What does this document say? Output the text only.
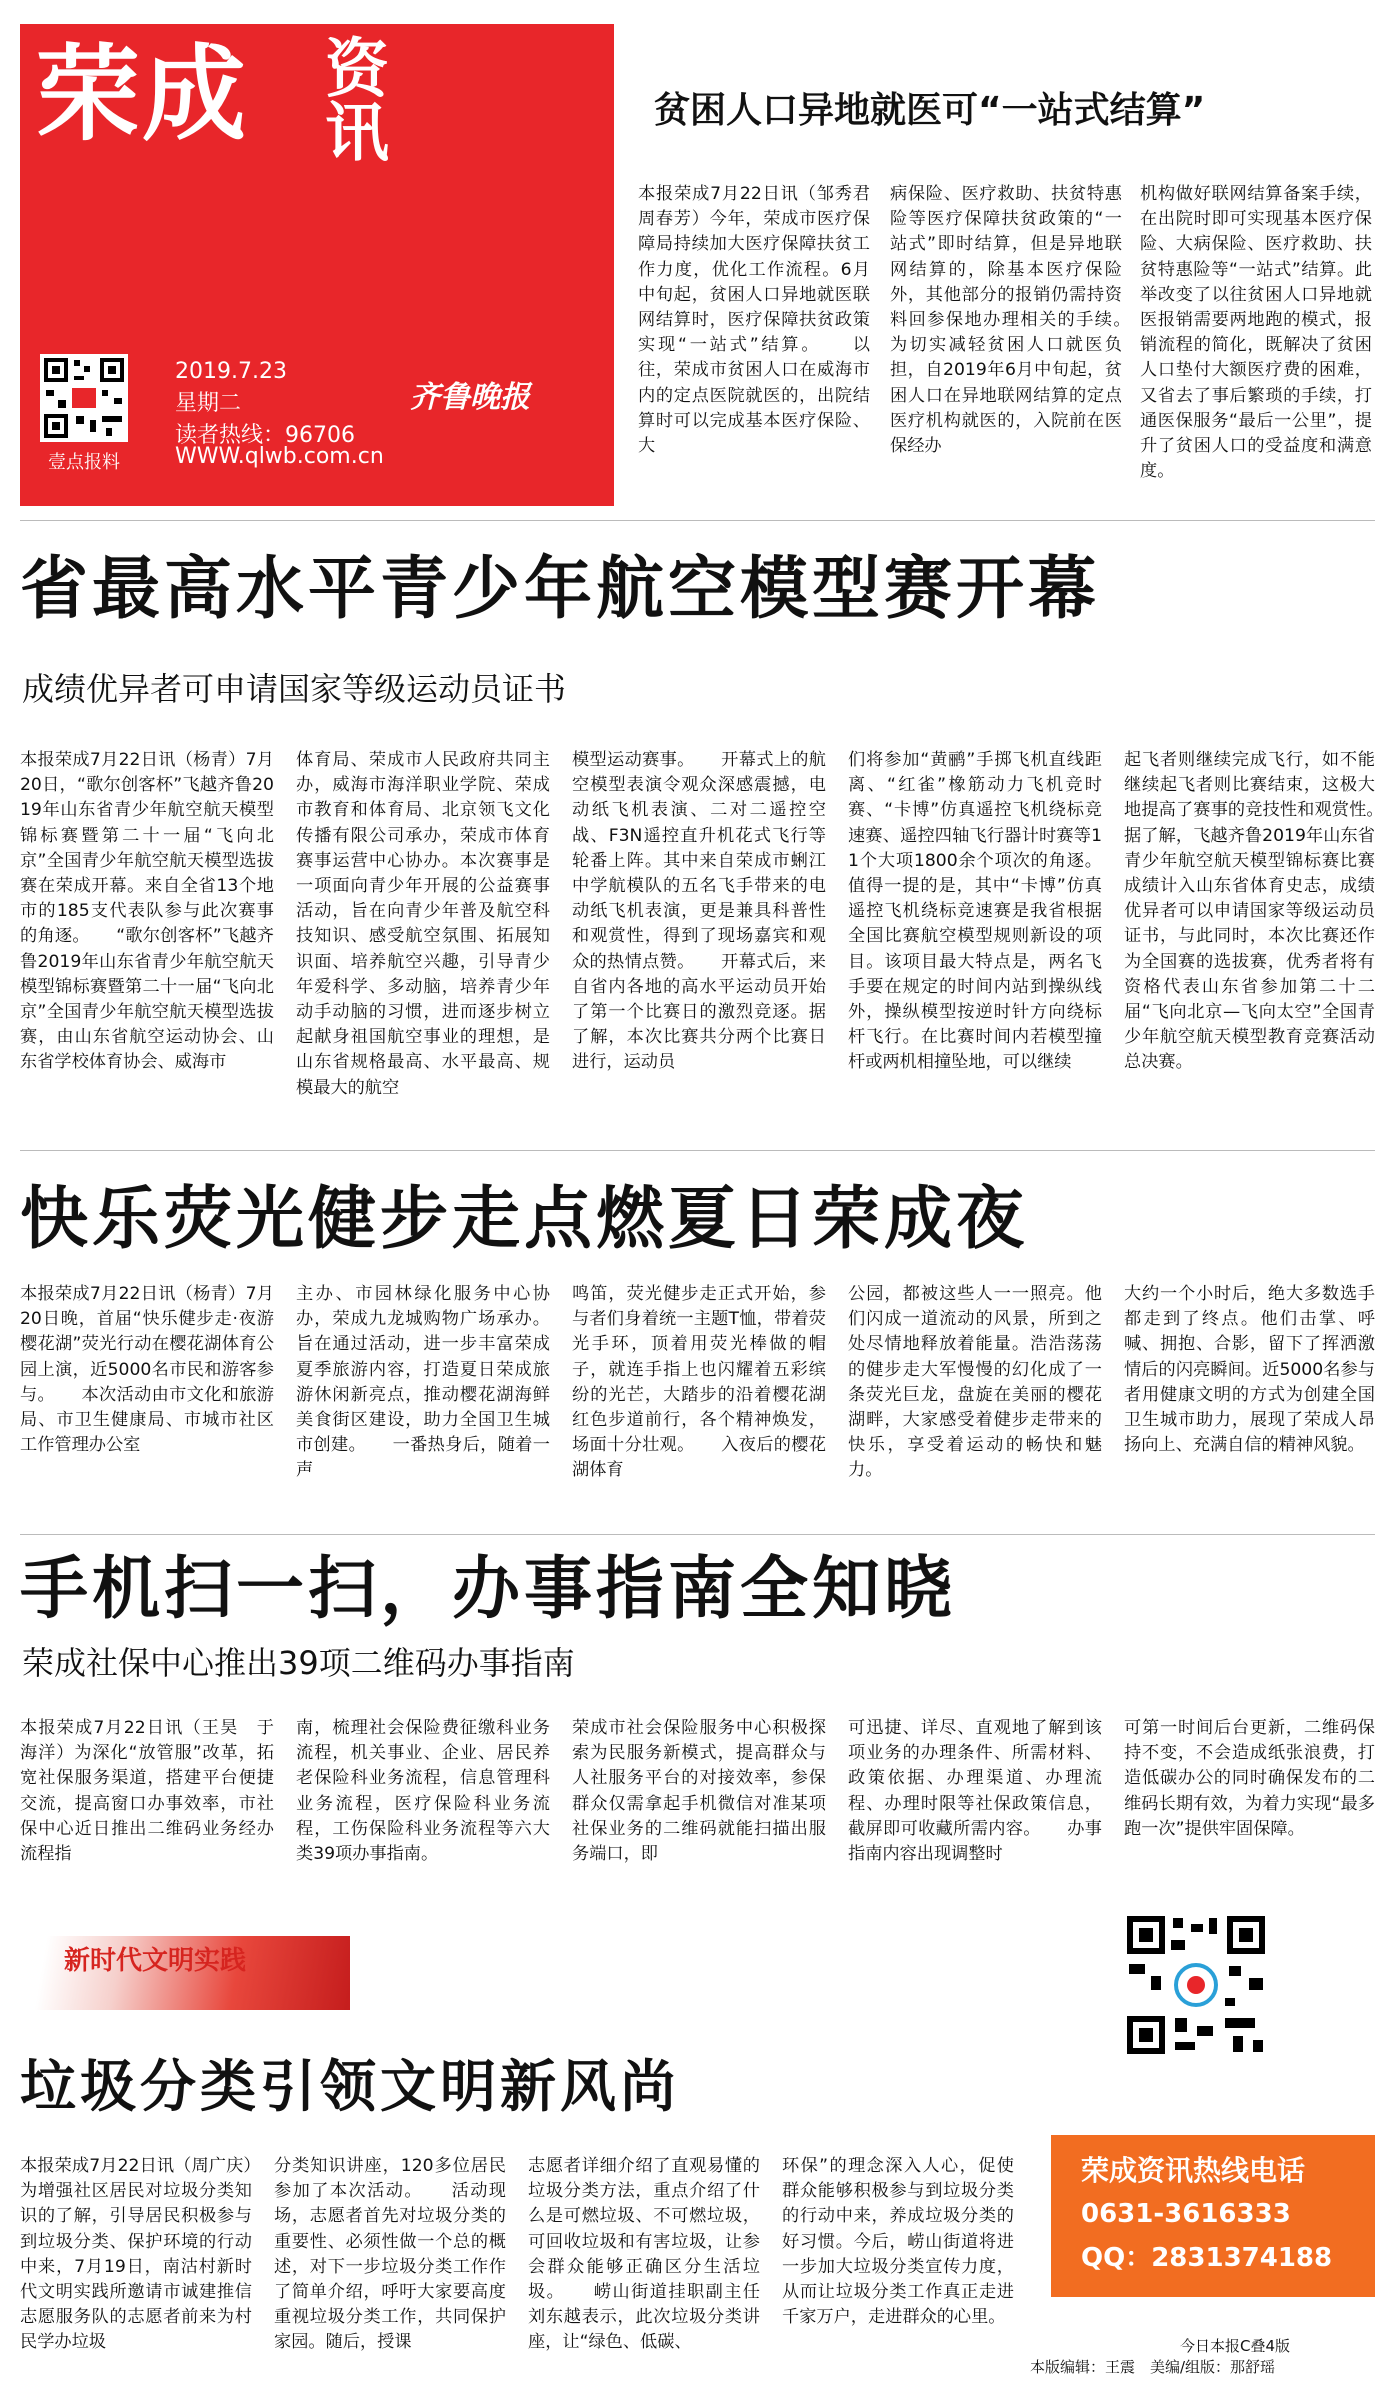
荣成 资讯
壹点报料
2019.7.23
星期二
读者热线：96706
齐鲁晚报
WWW.qlwb.com.cn
贫困人口异地就医可“一站式结算”
本报荣成7月22日讯（邹秀君　周春芳）今年，荣成市医疗保障局持续加大医疗保障扶贫工作力度，优化工作流程。6月中旬起，贫困人口异地就医联网结算时，医疗保障扶贫政策实现“一站式”结算。　　以往，荣成市贫困人口在威海市内的定点医院就医的，出院结算时可以完成基本医疗保险、大
病保险、医疗救助、扶贫特惠险等医疗保障扶贫政策的“一站式”即时结算，但是异地联网结算的，除基本医疗保险外，其他部分的报销仍需持资料回参保地办理相关的手续。　　为切实减轻贫困人口就医负担，自2019年6月中旬起，贫困人口在异地联网结算的定点医疗机构就医的，入院前在医保经办
机构做好联网结算备案手续，在出院时即可实现基本医疗保险、大病保险、医疗救助、扶贫特惠险等“一站式”结算。此举改变了以往贫困人口异地就医报销需要两地跑的模式，报销流程的简化，既解决了贫困人口垫付大额医疗费的困难，又省去了事后繁琐的手续，打通医保服务“最后一公里”，提升了贫困人口的受益度和满意度。
省最高水平青少年航空模型赛开幕
成绩优异者可申请国家等级运动员证书
本报荣成7月22日讯（杨青）7月20日，“歌尔创客杯”飞越齐鲁2019年山东省青少年航空航天模型锦标赛暨第二十一届“飞向北京”全国青少年航空航天模型选拔赛在荣成开幕。来自全省13个地市的185支代表队参与此次赛事的角逐。　　“歌尔创客杯”飞越齐鲁2019年山东省青少年航空航天模型锦标赛暨第二十一届“飞向北京”全国青少年航空航天模型选拔赛，由山东省航空运动协会、山东省学校体育协会、威海市
体育局、荣成市人民政府共同主办，威海市海洋职业学院、荣成市教育和体育局、北京领飞文化传播有限公司承办，荣成市体育赛事运营中心协办。本次赛事是一项面向青少年开展的公益赛事活动，旨在向青少年普及航空科技知识、感受航空氛围、拓展知识面、培养航空兴趣，引导青少年爱科学、多动脑，培养青少年动手动脑的习惯，进而逐步树立起献身祖国航空事业的理想，是山东省规格最高、水平最高、规模最大的航空
模型运动赛事。　　开幕式上的航空模型表演令观众深感震撼，电动纸飞机表演、二对二遥控空战、F3N遥控直升机花式飞行等轮番上阵。其中来自荣成市蜊江中学航模队的五名飞手带来的电动纸飞机表演，更是兼具科普性和观赏性，得到了现场嘉宾和观众的热情点赞。　　开幕式后，来自省内各地的高水平运动员开始了第一个比赛日的激烈竞逐。据了解，本次比赛共分两个比赛日进行，运动员
们将参加“黄鹂”手掷飞机直线距离、“红雀”橡筋动力飞机竞时赛、“卡博”仿真遥控飞机绕标竞速赛、遥控四轴飞行器计时赛等11个大项1800余个项次的角逐。值得一提的是，其中“卡博”仿真遥控飞机绕标竞速赛是我省根据全国比赛航空模型规则新设的项目。该项目最大特点是，两名飞手要在规定的时间内站到操纵线外，操纵模型按逆时针方向绕标杆飞行。在比赛时间内若模型撞杆或两机相撞坠地，可以继续
起飞者则继续完成飞行，如不能继续起飞者则比赛结束，这极大地提高了赛事的竞技性和观赏性。　　据了解，飞越齐鲁2019年山东省青少年航空航天模型锦标赛比赛成绩计入山东省体育史志，成绩优异者可以申请国家等级运动员证书，与此同时，本次比赛还作为全国赛的选拔赛，优秀者将有资格代表山东省参加第二十二届“飞向北京—飞向太空”全国青少年航空航天模型教育竞赛活动总决赛。
快乐荧光健步走点燃夏日荣成夜
本报荣成7月22日讯（杨青）7月20日晚，首届“快乐健步走·夜游樱花湖”荧光行动在樱花湖体育公园上演，近5000名市民和游客参与。　　本次活动由市文化和旅游局、市卫生健康局、市城市社区工作管理办公室
主办、市园林绿化服务中心协办，荣成九龙城购物广场承办。旨在通过活动，进一步丰富荣成夏季旅游内容，打造夏日荣成旅游休闲新亮点，推动樱花湖海鲜美食街区建设，助力全国卫生城市创建。　　一番热身后，随着一声
鸣笛，荧光健步走正式开始，参与者们身着统一主题T恤，带着荧光手环，顶着用荧光棒做的帽子，就连手指上也闪耀着五彩缤纷的光芒，大踏步的沿着樱花湖红色步道前行，各个精神焕发，场面十分壮观。　　入夜后的樱花湖体育
公园，都被这些人一一照亮。他们闪成一道流动的风景，所到之处尽情地释放着能量。浩浩荡荡的健步走大军慢慢的幻化成了一条荧光巨龙，盘旋在美丽的樱花湖畔，大家感受着健步走带来的快乐，享受着运动的畅快和魅力。
大约一个小时后，绝大多数选手都走到了终点。他们击掌、呼喊、拥抱、合影，留下了挥洒激情后的闪亮瞬间。近5000名参与者用健康文明的方式为创建全国卫生城市助力，展现了荣成人昂扬向上、充满自信的精神风貌。
手机扫一扫，办事指南全知晓
荣成社保中心推出39项二维码办事指南
本报荣成7月22日讯（王昊　于海洋）为深化“放管服”改革，拓宽社保服务渠道，搭建平台便捷交流，提高窗口办事效率，市社保中心近日推出二维码业务经办流程指
南，梳理社会保险费征缴科业务流程，机关事业、企业、居民养老保险科业务流程，信息管理科业务流程，医疗保险科业务流程，工伤保险科业务流程等六大类39项办事指南。
荣成市社会保险服务中心积极探索为民服务新模式，提高群众与人社服务平台的对接效率，参保群众仅需拿起手机微信对准某项社保业务的二维码就能扫描出服务端口，即
可迅捷、详尽、直观地了解到该项业务的办理条件、所需材料、政策依据、办理渠道、办理流程、办理时限等社保政策信息，截屏即可收藏所需内容。　　办事指南内容出现调整时
可第一时间后台更新，二维码保持不变，不会造成纸张浪费，打造低碳办公的同时确保发布的二维码长期有效，为着力实现“最多跑一次”提供牢固保障。
新时代文明实践
垃圾分类引领文明新风尚
本报荣成7月22日讯（周广庆）为增强社区居民对垃圾分类知识的了解，引导居民积极参与到垃圾分类、保护环境的行动中来，7月19日，南沽村新时代文明实践所邀请市诚建推信志愿服务队的志愿者前来为村民学办垃圾
分类知识讲座，120多位居民参加了本次活动。　　活动现场，志愿者首先对垃圾分类的重要性、必须性做一个总的概述，对下一步垃圾分类工作作了简单介绍，呼吁大家要高度重视垃圾分类工作，共同保护家园。随后，授课
志愿者详细介绍了直观易懂的垃圾分类方法，重点介绍了什么是可燃垃圾、不可燃垃圾，可回收垃圾和有害垃圾，让参会群众能够正确区分生活垃圾。　　崂山街道挂职副主任刘东越表示，此次垃圾分类讲座，让“绿色、低碳、
环保”的理念深入人心，促使群众能够积极参与到垃圾分类的行动中来，养成垃圾分类的好习惯。今后，崂山街道将进一步加大垃圾分类宣传力度，从而让垃圾分类工作真正走进千家万户，走进群众的心里。
荣成资讯热线电话
0631-3616333
QQ：2831374188
今日本报C叠4版
本版编辑：王震　美编/组版：那舒瑶
